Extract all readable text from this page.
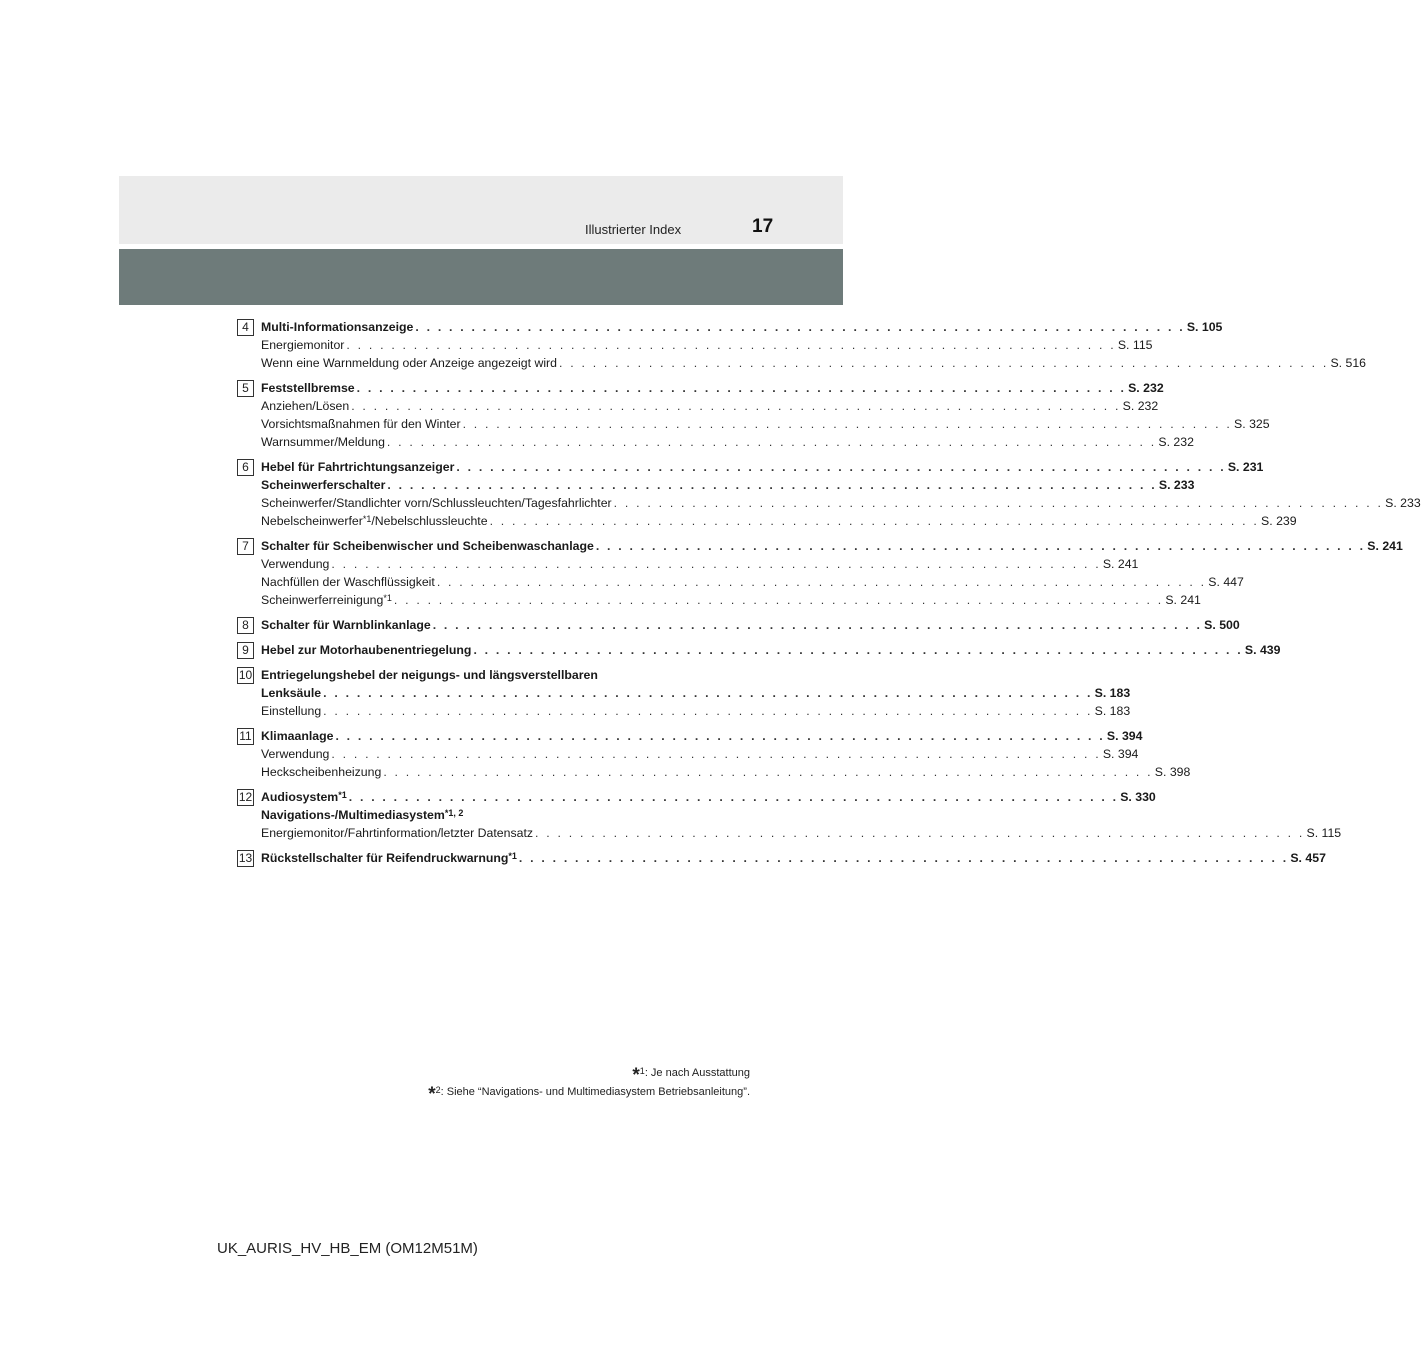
Illustrierter Index	17
4 Multi-Informationsanzeige . . . . . . . . . . . . . . . . . . . . . . . . . . . . . . . . . . . . . . . . . . . . . . . . . . . . . . . . . . . . . . . . . . . . . S. 105
Energiemonitor . . . . . . . . . . . . . . . . . . . . . . . . . . . . . . . . . . . . . . . . . . . . . . . . . . . . . . . . . . . . . . . . . . . . . S. 115
Wenn eine Warnmeldung oder Anzeige angezeigt wird . . . . . . . . . . . . . . . . . . . . . . . . . . . . . . . . . . . . . . . . . . . . . . . . . . . . . . . . . . . . . . . . . . . . . S. 516
5 Feststellbremse . . . . . . . . . . . . . . . . . . . . . . . . . . . . . . . . . . . . . . . . . . . . . . . . . . . . . . . . . . . . . . . . . . . . . S. 232
Anziehen/Lösen . . . . . . . . . . . . . . . . . . . . . . . . . . . . . . . . . . . . . . . . . . . . . . . . . . . . . . . . . . . . . . . . . . . . . S. 232
Vorsichtsmaßnahmen für den Winter . . . . . . . . . . . . . . . . . . . . . . . . . . . . . . . . . . . . . . . . . . . . . . . . . . . . . . . . . . . . . . . . . . . . . S. 325
Warnsummer/Meldung . . . . . . . . . . . . . . . . . . . . . . . . . . . . . . . . . . . . . . . . . . . . . . . . . . . . . . . . . . . . . . . . . . . . . S. 232
6 Hebel für Fahrtrichtungsanzeiger . . . . . . . . . . . . . . . . . . . . . . . . . . . . . . . . . . . . . . . . . . . . . . . . . . . . . . . . . . . . . . . . . . . . . S. 231
Scheinwerferschalter . . . . . . . . . . . . . . . . . . . . . . . . . . . . . . . . . . . . . . . . . . . . . . . . . . . . . . . . . . . . . . . . . . . . . S. 233
Scheinwerfer/Standlichter vorn/Schlussleuchten/Tagesfahrlichter . . . . . . . . . . . . . . . . . . . . . . . . . . . . . . . . . . . . . . . . . . . . . . . . . . . . . . . . . . . . . . . . . . . . . S. 233
Nebelscheinwerfer$^{*1}$/Nebelschlussleuchte . . . . . . . . . . . . . . . . . . . . . . . . . . . . . . . . . . . . . . . . . . . . . . . . . . . . . . . . . . . . . . . . . . . . . S. 239
7 Schalter für Scheibenwischer und Scheibenwaschanlage . . . . . . . . . . . . . . . . . . . . . . . . . . . . . . . . . . . . . . . . . . . . . . . . . . . . . . . . . . . . . . . . . . . . . S. 241
Verwendung . . . . . . . . . . . . . . . . . . . . . . . . . . . . . . . . . . . . . . . . . . . . . . . . . . . . . . . . . . . . . . . . . . . . . S. 241
Nachfüllen der Waschflüssigkeit . . . . . . . . . . . . . . . . . . . . . . . . . . . . . . . . . . . . . . . . . . . . . . . . . . . . . . . . . . . . . . . . . . . . . S. 447
Scheinwerferreinigung$^{*1}$ . . . . . . . . . . . . . . . . . . . . . . . . . . . . . . . . . . . . . . . . . . . . . . . . . . . . . . . . . . . . . . . . . . . . . S. 241
8 Schalter für Warnblinkanlage . . . . . . . . . . . . . . . . . . . . . . . . . . . . . . . . . . . . . . . . . . . . . . . . . . . . . . . . . . . . . . . . . . . . . S. 500
9 Hebel zur Motorhaubenentriegelung . . . . . . . . . . . . . . . . . . . . . . . . . . . . . . . . . . . . . . . . . . . . . . . . . . . . . . . . . . . . . . . . . . . . . S. 439
10 Entriegelungshebel der neigungs- und längsverstellbaren
Lenksäule . . . . . . . . . . . . . . . . . . . . . . . . . . . . . . . . . . . . . . . . . . . . . . . . . . . . . . . . . . . . . . . . . . . . . S. 183
Einstellung . . . . . . . . . . . . . . . . . . . . . . . . . . . . . . . . . . . . . . . . . . . . . . . . . . . . . . . . . . . . . . . . . . . . . S. 183
11 Klimaanlage . . . . . . . . . . . . . . . . . . . . . . . . . . . . . . . . . . . . . . . . . . . . . . . . . . . . . . . . . . . . . . . . . . . . . S. 394
Verwendung . . . . . . . . . . . . . . . . . . . . . . . . . . . . . . . . . . . . . . . . . . . . . . . . . . . . . . . . . . . . . . . . . . . . . S. 394
Heckscheibenheizung . . . . . . . . . . . . . . . . . . . . . . . . . . . . . . . . . . . . . . . . . . . . . . . . . . . . . . . . . . . . . . . . . . . . . S. 398
12 Audiosystem$^{*1}$ . . . . . . . . . . . . . . . . . . . . . . . . . . . . . . . . . . . . . . . . . . . . . . . . . . . . . . . . . . . . . . . . . . . . . S. 330
Navigations-/Multimediasystem$^{*1, 2}$
Energiemonitor/Fahrtinformation/letzter Datensatz . . . . . . . . . . . . . . . . . . . . . . . . . . . . . . . . . . . . . . . . . . . . . . . . . . . . . . . . . . . . . . . . . . . . . S. 115
13 Rückstellschalter für Reifendruckwarnung$^{*1}$ . . . . . . . . . . . . . . . . . . . . . . . . . . . . . . . . . . . . . . . . . . . . . . . . . . . . . . . . . . . . . . . . . . . . . S. 457
*$^1$: Je nach Ausstattung
*$^2$: Siehe “Navigations- und Multimediasystem Betriebsanleitung”.
UK_AURIS_HV_HB_EM (OM12M51M)
